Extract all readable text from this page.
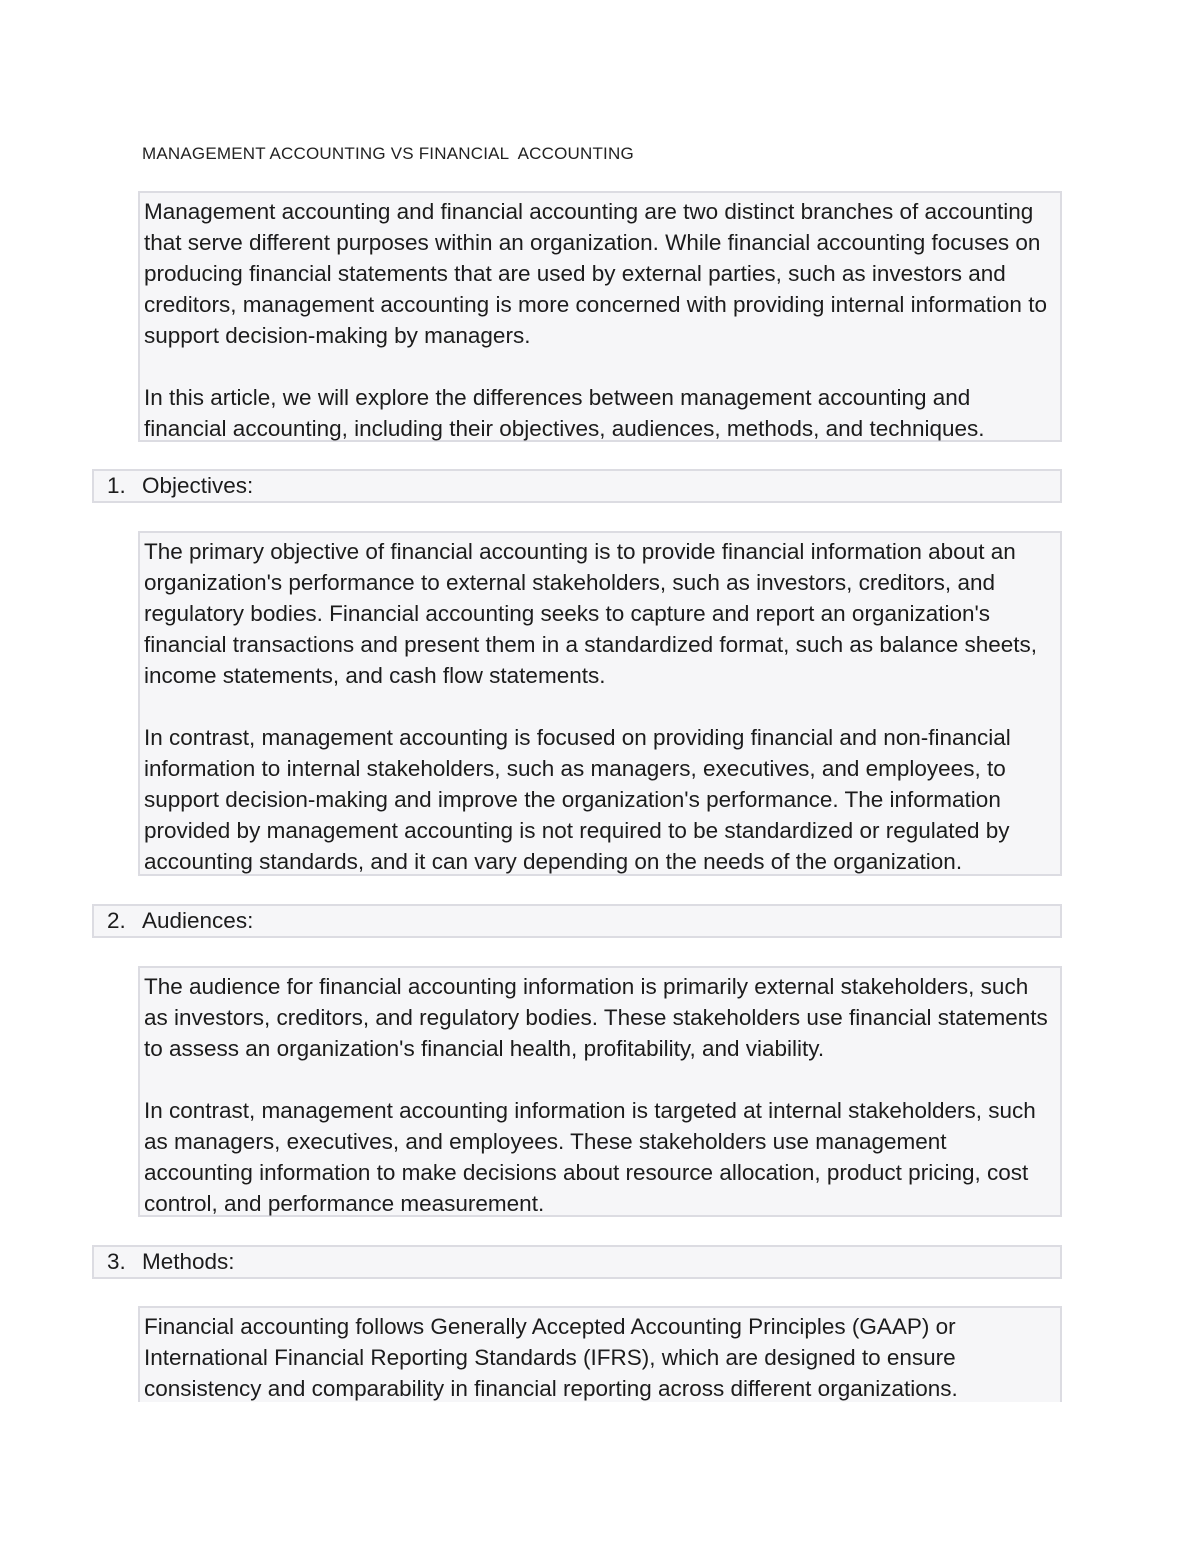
MANAGEMENT ACCOUNTING VS FINANCIAL  ACCOUNTING

Management accounting and financial accounting are two distinct branches of accounting that serve different purposes within an organization. While financial accounting focuses on producing financial statements that are used by external parties, such as investors and creditors, management accounting is more concerned with providing internal information to support decision-making by managers.

In this article, we will explore the differences between management accounting and financial accounting, including their objectives, audiences, methods, and techniques.

1. Objectives:

The primary objective of financial accounting is to provide financial information about an organization's performance to external stakeholders, such as investors, creditors, and regulatory bodies. Financial accounting seeks to capture and report an organization's financial transactions and present them in a standardized format, such as balance sheets, income statements, and cash flow statements.

In contrast, management accounting is focused on providing financial and non-financial information to internal stakeholders, such as managers, executives, and employees, to support decision-making and improve the organization's performance. The information provided by management accounting is not required to be standardized or regulated by accounting standards, and it can vary depending on the needs of the organization.

2. Audiences:

The audience for financial accounting information is primarily external stakeholders, such as investors, creditors, and regulatory bodies. These stakeholders use financial statements to assess an organization's financial health, profitability, and viability.

In contrast, management accounting information is targeted at internal stakeholders, such as managers, executives, and employees. These stakeholders use management accounting information to make decisions about resource allocation, product pricing, cost control, and performance measurement.

3. Methods:

Financial accounting follows Generally Accepted Accounting Principles (GAAP) or International Financial Reporting Standards (IFRS), which are designed to ensure consistency and comparability in financial reporting across different organizations.
